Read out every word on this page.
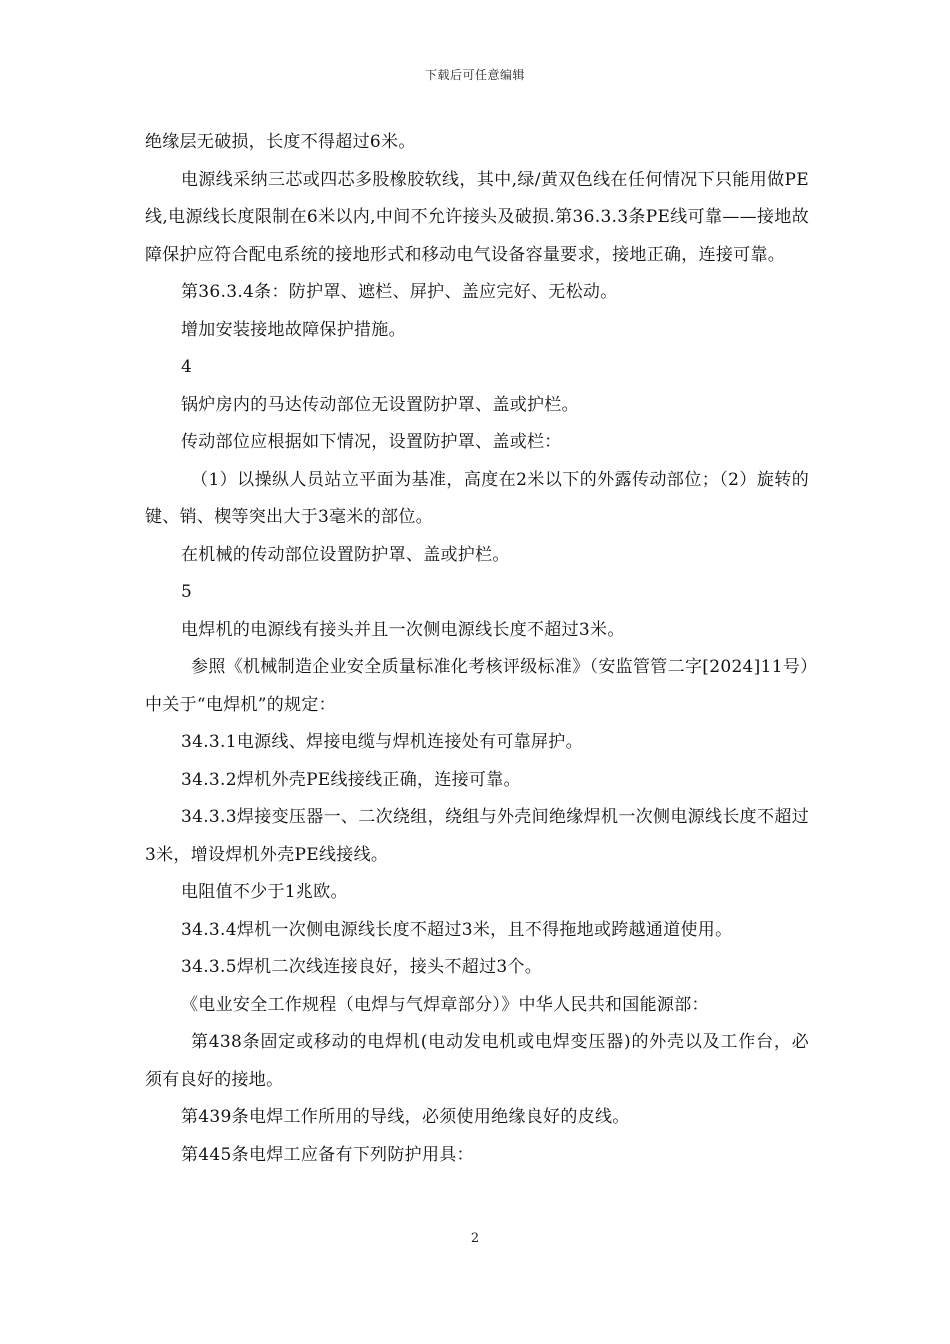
下载后可任意编辑

绝缘层无破损，长度不得超过6米。

电源线采纳三芯或四芯多股橡胶软线，其中,绿/黄双色线在任何情况下只能用做PE线,电源线长度限制在6米以内,中间不允许接头及破损.第36.3.3条PE线可靠——接地故障保护应符合配电系统的接地形式和移动电气设备容量要求，接地正确，连接可靠。

第36.3.4条：防护罩、遮栏、屏护、盖应完好、无松动。

增加安装接地故障保护措施。

4

锅炉房内的马达传动部位无设置防护罩、盖或护栏。

传动部位应根据如下情况，设置防护罩、盖或栏：

（1）以操纵人员站立平面为基准，高度在2米以下的外露传动部位；（2）旋转的键、销、楔等突出大于3毫米的部位。

在机械的传动部位设置防护罩、盖或护栏。

5

电焊机的电源线有接头并且一次侧电源线长度不超过3米。

参照《机械制造企业安全质量标准化考核评级标准》（安监管管二字[2024]11号）中关于“电焊机”的规定：

34.3.1电源线、焊接电缆与焊机连接处有可靠屏护。

34.3.2焊机外壳PE线接线正确，连接可靠。

34.3.3焊接变压器一、二次绕组，绕组与外壳间绝缘焊机一次侧电源线长度不超过3米，增设焊机外壳PE线接线。

电阻值不少于1兆欧。

34.3.4焊机一次侧电源线长度不超过3米，且不得拖地或跨越通道使用。

34.3.5焊机二次线连接良好，接头不超过3个。

《电业安全工作规程（电焊与气焊章部分）》中华人民共和国能源部：

第438条固定或移动的电焊机(电动发电机或电焊变压器)的外壳以及工作台，必须有良好的接地。

第439条电焊工作所用的导线，必须使用绝缘良好的皮线。

第445条电焊工应备有下列防护用具：

2
